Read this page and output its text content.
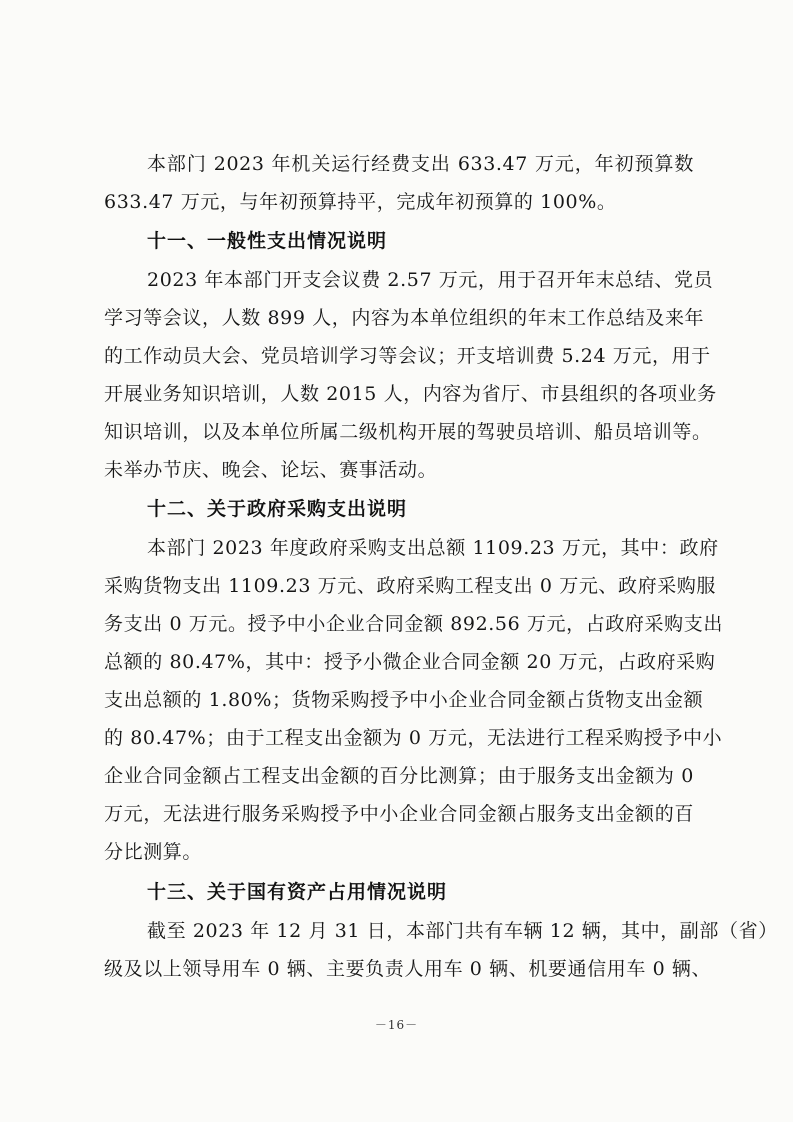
本部门 2023 年机关运行经费支出 633.47 万元，年初预算数
633.47 万元，与年初预算持平，完成年初预算的 100%。
十一、一般性支出情况说明
2023 年本部门开支会议费 2.57 万元，用于召开年末总结、党员
学习等会议，人数 899 人，内容为本单位组织的年末工作总结及来年
的工作动员大会、党员培训学习等会议；开支培训费 5.24 万元，用于
开展业务知识培训，人数 2015 人，内容为省厅、市县组织的各项业务
知识培训，以及本单位所属二级机构开展的驾驶员培训、船员培训等。
未举办节庆、晚会、论坛、赛事活动。
十二、关于政府采购支出说明
本部门 2023 年度政府采购支出总额 1109.23 万元，其中：政府
采购货物支出 1109.23 万元、政府采购工程支出 0 万元、政府采购服
务支出 0 万元。授予中小企业合同金额 892.56 万元，占政府采购支出
总额的 80.47%，其中：授予小微企业合同金额 20 万元，占政府采购
支出总额的 1.80%；货物采购授予中小企业合同金额占货物支出金额
的 80.47%；由于工程支出金额为 0 万元，无法进行工程采购授予中小
企业合同金额占工程支出金额的百分比测算；由于服务支出金额为 0
万元，无法进行服务采购授予中小企业合同金额占服务支出金额的百
分比测算。
十三、关于国有资产占用情况说明
截至 2023 年 12 月 31 日，本部门共有车辆 12 辆，其中，副部（省）
级及以上领导用车 0 辆、主要负责人用车 0 辆、机要通信用车 0 辆、
－16－
